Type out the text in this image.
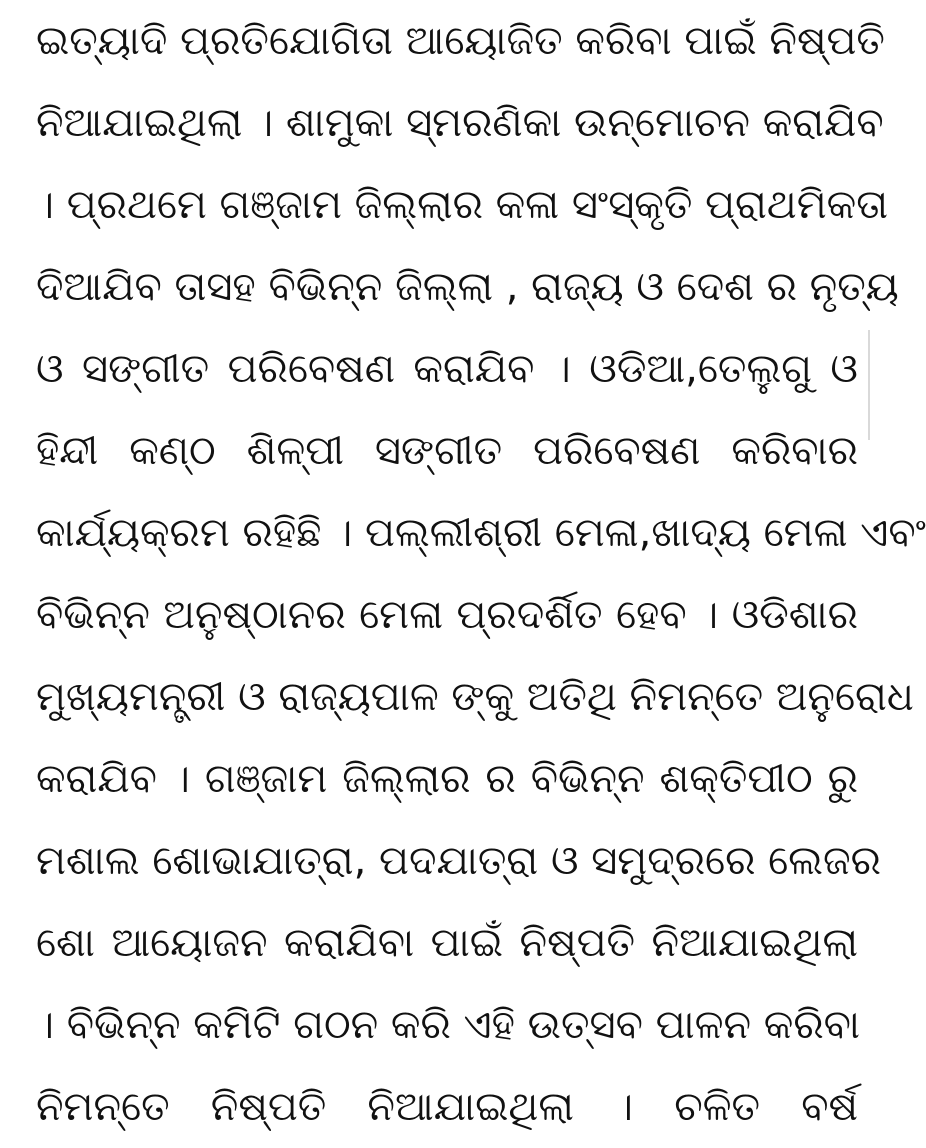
ଇତ୍ୟାଦି ପ୍ରତିଯୋଗିତା ଆୟୋଜିତ କରିବା ପାଇଁ ନିଷ୍ପତି
ନିଆଯାଇଥିଲା । ଶାମୁକା ସ୍ମରଣିକା ଉନ୍ମୋଚନ କରାଯିବ
। ପ୍ରଥମେ ଗଞ୍ଜାମ ଜିଲ୍ଲାର କଳା ସଂସ୍କୃତି ପ୍ରାଥମିକତା
ଦିଆଯିବ ତାସହ ବିଭିନ୍ନ ଜିଲ୍ଲା , ରାଜ୍ୟ ଓ ଦେଶ ର ନୃତ୍ୟ
ଓ ସଙ୍ଗୀତ ପରିବେଷଣ କରାଯିବ । ଓଡିଆ,ତେଲୁଗୁ ଓ
ହିନ୍ଦୀ କଣ୍ଠ ଶିଳ୍ପୀ ସଙ୍ଗୀତ ପରିବେଷଣ କରିବାର
କାର୍ଯ୍ୟକ୍ରମ ରହିଛି । ପଲ୍ଲୀଶ୍ରୀ ମେଳା,ଖାଦ୍ୟ ମେଳା ଏବଂ
ବିଭିନ୍ନ ଅନୁଷ୍ଠାନର ମେଳା ପ୍ରଦର୍ଶିତ ହେବ । ଓଡିଶାର
ମୁଖ୍ୟମନ୍ତ୍ରୀ ଓ ରାଜ୍ୟପାଳ ଙ୍କୁ ଅତିଥି ନିମନ୍ତେ ଅନୁରୋଧ
କରାଯିବ । ଗଞ୍ଜାମ ଜିଲ୍ଲାର ର ବିଭିନ୍ନ ଶକ୍ତିପୀଠ ରୁ
ମଶାଲ ଶୋଭାଯାତ୍ରା, ପଦଯାତ୍ରା ଓ ସମୁଦ୍ରରେ ଲେଜର
ଶୋ ଆୟୋଜନ କରାଯିବା ପାଇଁ ନିଷ୍ପତି ନିଆଯାଇଥିଲା
। ବିଭିନ୍ନ କମିଟି ଗଠନ କରି ଏହି ଉତ୍ସବ ପାଳନ କରିବା
ନିମନ୍ତେ ନିଷ୍ପତି ନିଆଯାଇଥିଲା । ଚଳିତ ବର୍ଷ
